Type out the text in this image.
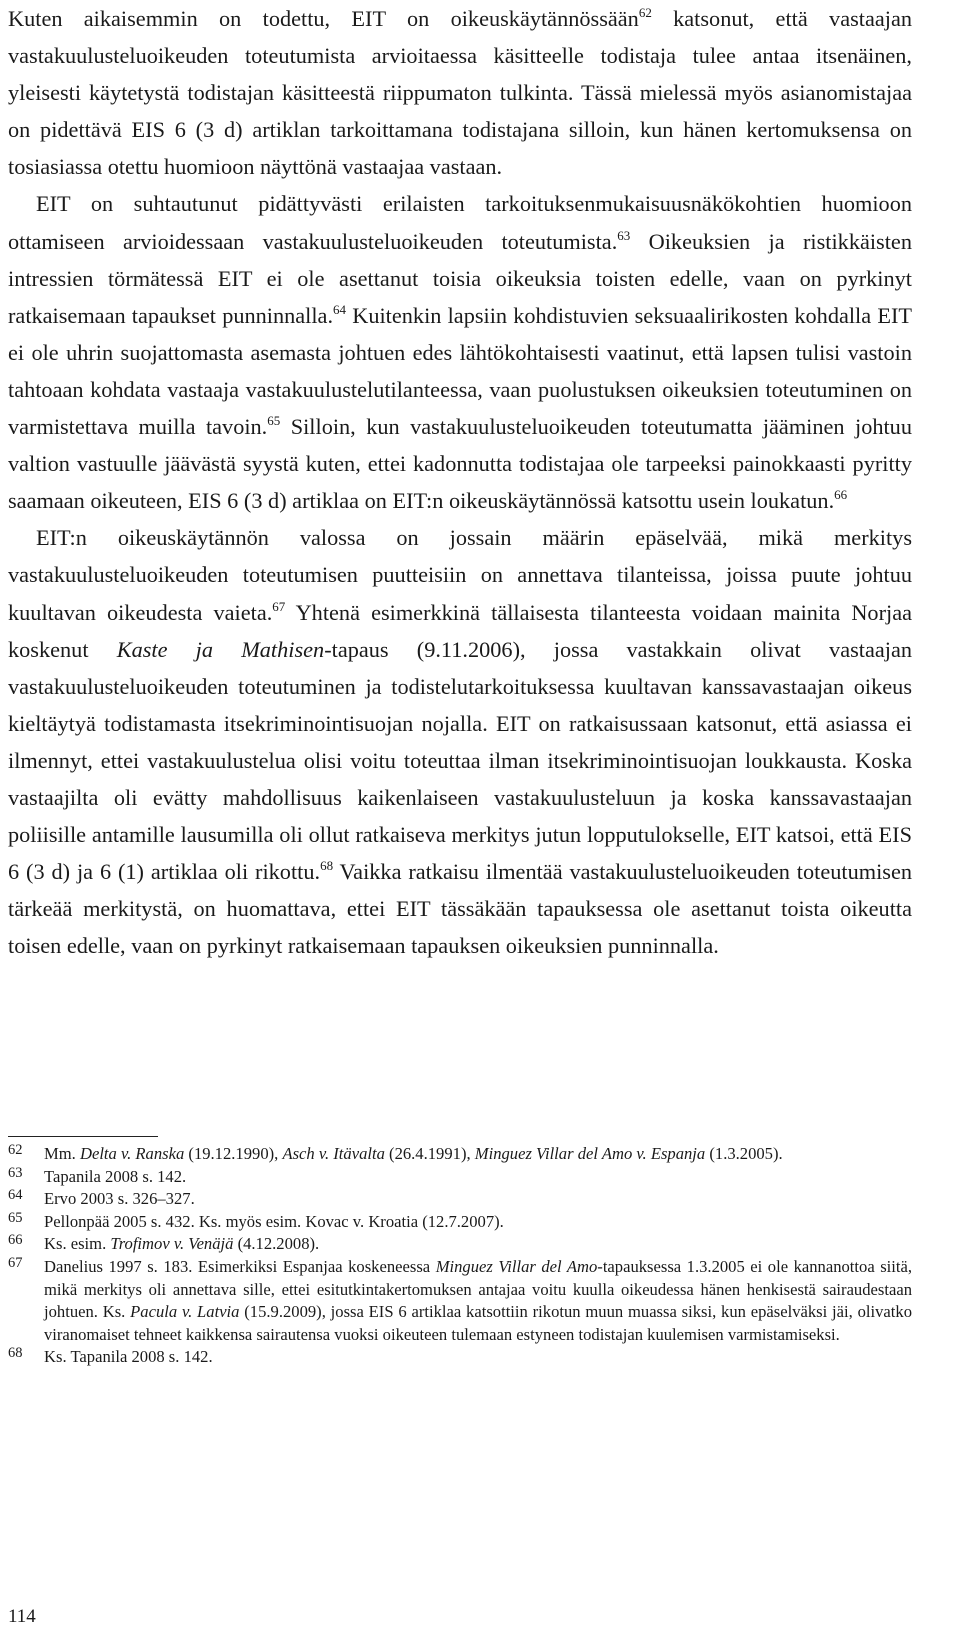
Kuten aikaisemmin on todettu, EIT on oikeuskäytännössään$^{62}$ katsonut, että vastaajan vastakuulusteluoikeuden toteutumista arvioitaessa käsitteelle todistaja tulee antaa itsenäinen, yleisesti käytetystä todistajan käsitteestä riippumaton tulkinta. Tässä mielessä myös asianomistajaa on pidettävä EIS 6 (3 d) artiklan tarkoittamana todistajana silloin, kun hänen kertomuksensa on tosiasiassa otettu huomioon näyttönä vastaajaa vastaan.

EIT on suhtautunut pidättyvästi erilaisten tarkoituksenmukaisuusnäkökohtien huomioon ottamiseen arvioidessaan vastakuulusteluoikeuden toteutumista.$^{63}$ Oikeuksien ja ristikkäisten intressien törmätessä EIT ei ole asettanut toisia oikeuksia toisten edelle, vaan on pyrkinyt ratkaisemaan tapaukset punninnalla.$^{64}$ Kuitenkin lapsiin kohdistuvien seksuaalirikosten kohdalla EIT ei ole uhrin suojattomasta asemasta johtuen edes lähtökohtaisesti vaatinut, että lapsen tulisi vastoin tahtoaan kohdata vastaaja vastakuulustelutilanteessa, vaan puolustuksen oikeuksien toteutuminen on varmistettava muilla tavoin.$^{65}$ Silloin, kun vastakuulusteluoikeuden toteutumatta jääminen johtuu valtion vastuulle jäävästä syystä kuten, ettei kadonnutta todistajaa ole tarpeeksi painokkaasti pyritty saamaan oikeuteen, EIS 6 (3 d) artiklaa on EIT:n oikeuskäytännössä katsottu usein loukatun.$^{66}$

EIT:n oikeuskäytännön valossa on jossain määrin epäselvää, mikä merkitys vastakuulusteluoikeuden toteutumisen puutteisiin on annettava tilanteissa, joissa puute johtuu kuultavan oikeudesta vaieta.$^{67}$ Yhtenä esimerkkinä tällaisesta tilanteesta voidaan mainita Norjaa koskenut Kaste ja Mathisen-tapaus (9.11.2006), jossa vastakkain olivat vastaajan vastakuulusteluoikeuden toteutuminen ja todistelutarkoituksessa kuultavan kanssavastaajan oikeus kieltäytyä todistamasta itsekriminointisuojan nojalla. EIT on ratkaisussaan katsonut, että asiassa ei ilmennyt, ettei vastakuulustelua olisi voitu toteuttaa ilman itsekriminointisuojan loukkausta. Koska vastaajilta oli evätty mahdollisuus kaikenlaiseen vastakuulusteluun ja koska kanssavastaajan poliisille antamille lausumilla oli ollut ratkaiseva merkitys jutun lopputulokselle, EIT katsoi, että EIS 6 (3 d) ja 6 (1) artiklaa oli rikottu.$^{68}$ Vaikka ratkaisu ilmentää vastakuulusteluoikeuden toteutumisen tärkeää merkitystä, on huomattava, ettei EIT tässäkään tapauksessa ole asettanut toista oikeutta toisen edelle, vaan on pyrkinyt ratkaisemaan tapauksen oikeuksien punninnalla.

62 Mm. Delta v. Ranska (19.12.1990), Asch v. Itävalta (26.4.1991), Minguez Villar del Amo v. Espanja (1.3.2005).

63 Tapanila 2008 s. 142.

64 Ervo 2003 s. 326–327.

65 Pellonpää 2005 s. 432. Ks. myös esim. Kovac v. Kroatia (12.7.2007).

66 Ks. esim. Trofimov v. Venäjä (4.12.2008).

67 Danelius 1997 s. 183. Esimerkiksi Espanjaa koskeneessa Minguez Villar del Amo-tapauksessa 1.3.2005 ei ole kannanottoa siitä, mikä merkitys oli annettava sille, ettei esitutkintakertomuksen antajaa voitu kuulla oikeudessa hänen henkisestä sairaudestaan johtuen. Ks. Pacula v. Latvia (15.9.2009), jossa EIS 6 artiklaa katsottiin rikotun muun muassa siksi, kun epäselväksi jäi, olivatko viranomaiset tehneet kaikkensa sairautensa vuoksi oikeuteen tulemaan estyneen todistajan kuulemisen varmistamiseksi.

68 Ks. Tapanila 2008 s. 142.

114
